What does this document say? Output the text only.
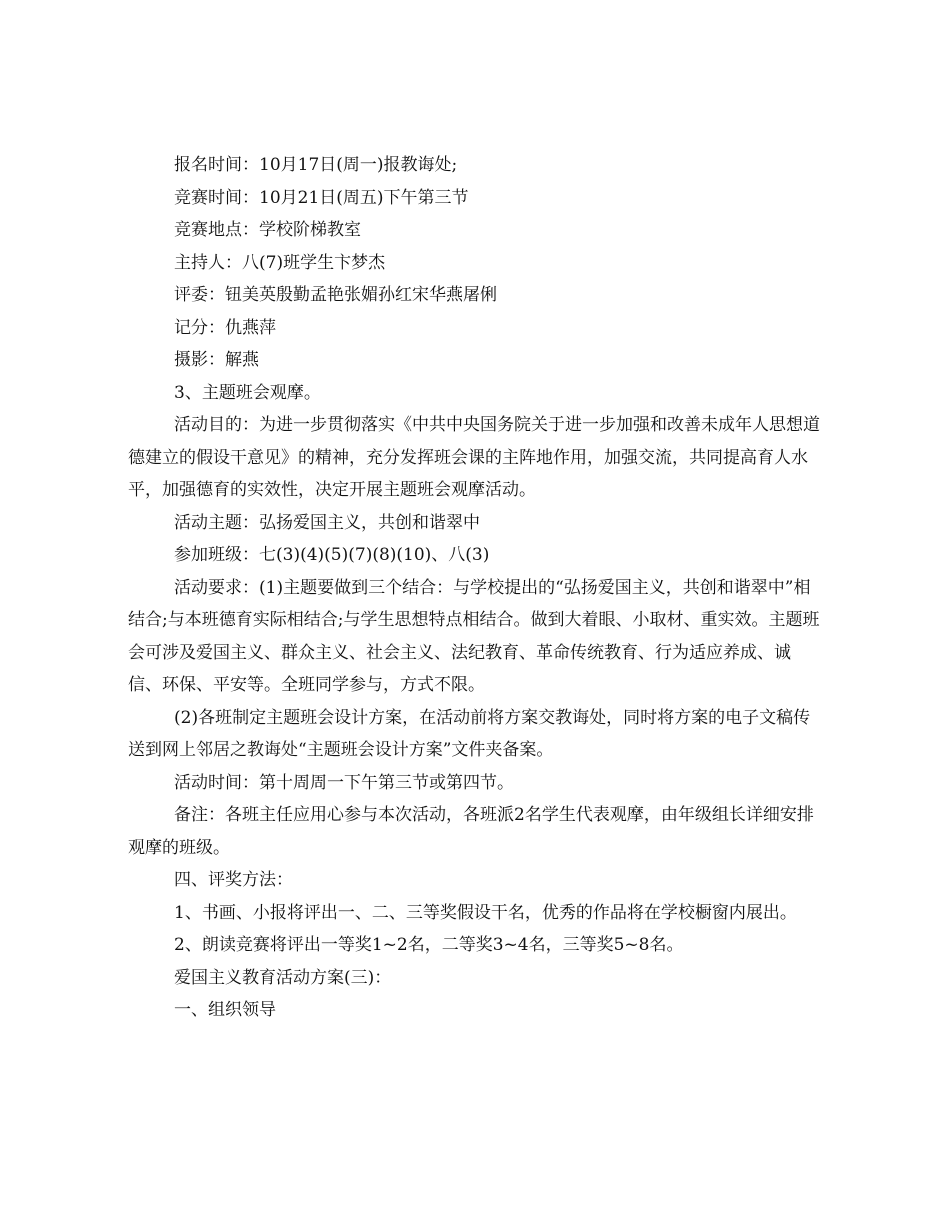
报名时间：10月17日(周一)报教诲处;

竞赛时间：10月21日(周五)下午第三节

竞赛地点：学校阶梯教室

主持人：八(7)班学生卞梦杰

评委：钮美英殷勤孟艳张媚孙红宋华燕屠俐

记分：仇燕萍

摄影：解燕

3、主题班会观摩。

活动目的：为进一步贯彻落实《中共中央国务院关于进一步加强和改善未成年人思想道德建立的假设干意见》的精神，充分发挥班会课的主阵地作用，加强交流，共同提高育人水平，加强德育的实效性，决定开展主题班会观摩活动。

活动主题：弘扬爱国主义，共创和谐翠中

参加班级：七(3)(4)(5)(7)(8)(10)、八(3)

活动要求：(1)主题要做到三个结合：与学校提出的“弘扬爱国主义，共创和谐翠中”相结合;与本班德育实际相结合;与学生思想特点相结合。做到大着眼、小取材、重实效。主题班会可涉及爱国主义、群众主义、社会主义、法纪教育、革命传统教育、行为适应养成、诚信、环保、平安等。全班同学参与，方式不限。

(2)各班制定主题班会设计方案，在活动前将方案交教诲处，同时将方案的电子文稿传送到网上邻居之教诲处“主题班会设计方案”文件夹备案。

活动时间：第十周周一下午第三节或第四节。

备注：各班主任应用心参与本次活动，各班派2名学生代表观摩，由年级组长详细安排观摩的班级。

四、评奖方法：

1、书画、小报将评出一、二、三等奖假设干名，优秀的作品将在学校橱窗内展出。

2、朗读竞赛将评出一等奖1~2名，二等奖3~4名，三等奖5~8名。

爱国主义教育活动方案(三)：

一、组织领导
